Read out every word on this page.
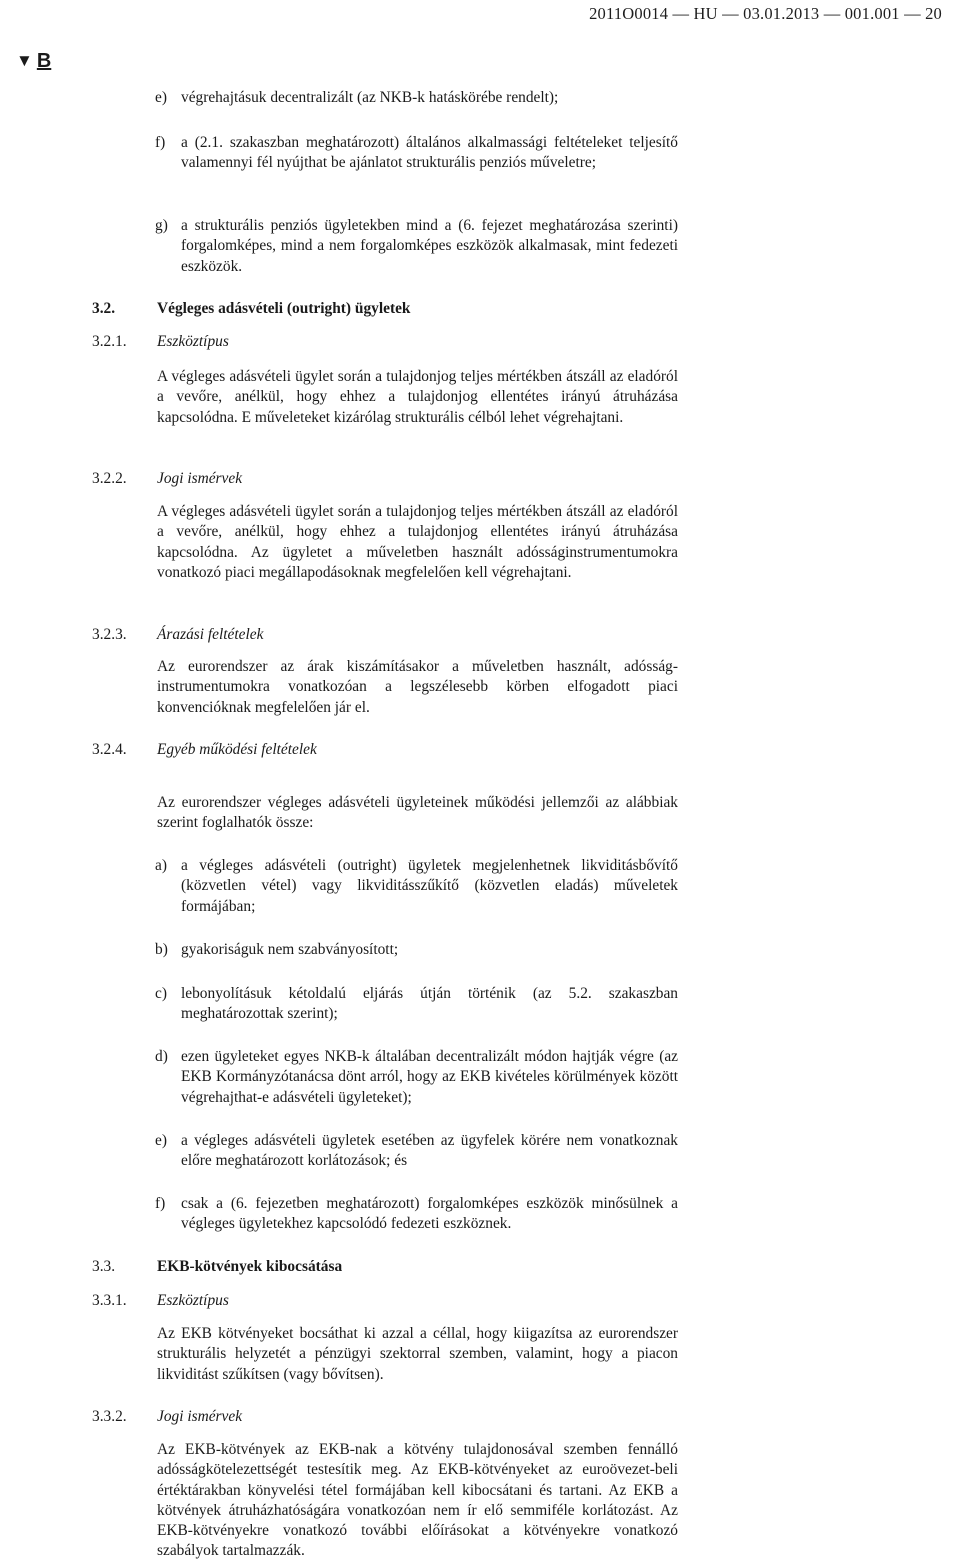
2011O0014 — HU — 03.01.2013 — 001.001 — 20
▼ B
e) végrehajtásuk decentralizált (az NKB-k hatáskörébe rendelt);
f)	a (2.1. szakaszban meghatározott) általános alkalmassági feltételeket teljesítő valamennyi fél nyújthat be ajánlatot strukturális penziós műveletre;
g) a strukturális penziós ügyletekben mind a (6. fejezet meghatározása szerinti) forgalomképes, mind a nem forgalomképes eszközök alkalmasak, mint fedezeti eszközök.
3.2.	Végleges adásvételi (outright) ügyletek
3.2.1. Eszköztípus
A végleges adásvételi ügylet során a tulajdonjog teljes mértékben átszáll az eladóról a vevőre, anélkül, hogy ehhez a tulajdonjog ellentétes irányú átruházása kapcsolódna. E műveleteket kizárólag strukturális célból lehet végrehajtani.
3.2.2. Jogi ismérvek
A végleges adásvételi ügylet során a tulajdonjog teljes mértékben átszáll az eladóról a vevőre, anélkül, hogy ehhez a tulajdonjog ellentétes irányú átruházása kapcsolódna. Az ügyletet a műveletben használt adósságinstrumentumokra vonatkozó piaci megállapodásoknak megfelelően kell végrehajtani.
3.2.3. Árazási feltételek
Az eurorendszer az árak kiszámításakor a műveletben használt, adósság-instrumentumokra vonatkozóan a legszélesebb körben elfogadott piaci konvencióknak megfelelően jár el.
3.2.4. Egyéb működési feltételek
Az eurorendszer végleges adásvételi ügyleteinek működési jellemzői az alábbiak szerint foglalhatók össze:
a) a végleges adásvételi (outright) ügyletek megjelenhetnek likviditásbővítő (közvetlen vétel) vagy likviditásszűkítő (közvetlen eladás) műveletek formájában;
b) gyakoriságuk nem szabványosított;
c) lebonyolításuk kétoldalú eljárás útján történik (az 5.2. szakaszban meghatározottak szerint);
d) ezen ügyleteket egyes NKB-k általában decentralizált módon hajtják végre (az EKB Kormányzótanácsa dönt arról, hogy az EKB kivételes körülmények között végrehajthat-e adásvételi ügyleteket);
e) a végleges adásvételi ügyletek esetében az ügyfelek körére nem vonatkoznak előre meghatározott korlátozások; és
f)	csak a (6. fejezetben meghatározott) forgalomképes eszközök minősülnek a végleges ügyletekhez kapcsolódó fedezeti eszköznek.
3.3.	EKB-kötvények kibocsátása
3.3.1. Eszköztípus
Az EKB kötvényeket bocsáthat ki azzal a céllal, hogy kiigazítsa az eurorendszer strukturális helyzetét a pénzügyi szektorral szemben, valamint, hogy a piacon likviditást szűkítsen (vagy bővítsen).
3.3.2. Jogi ismérvek
Az EKB-kötvények az EKB-nak a kötvény tulajdonosával szemben fennálló adósságkötelezettségét testesítik meg. Az EKB-kötvényeket az euroövezet-beli értéktárakban könyvelési tétel formájában kell kibocsátani és tartani. Az EKB a kötvények átruházhatóságára vonatkozóan nem ír elő semmiféle korlátozást. Az EKB-kötvényekre vonatkozó további előírásokat a kötvényekre vonatkozó szabályok tartalmazzák.
